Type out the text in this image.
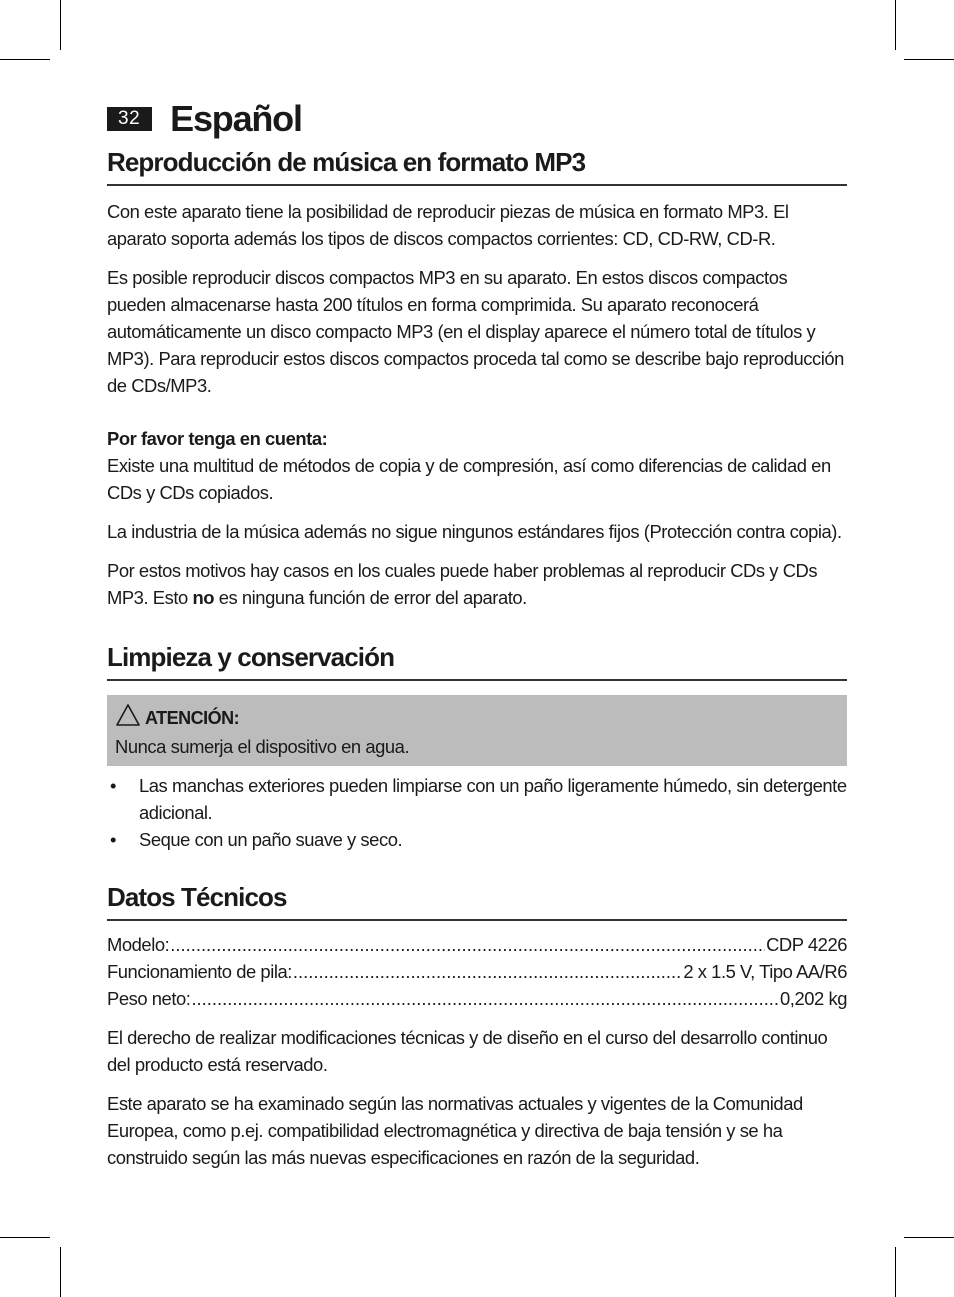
32 Español
Reproducción de música en formato MP3

Con este aparato tiene la posibilidad de reproducir piezas de música en formato MP3. El aparato soporta además los tipos de discos compactos corrientes: CD, CD-RW, CD-R.

Es posible reproducir discos compactos MP3 en su aparato. En estos discos compactos pueden almacenarse hasta 200 títulos en forma comprimida. Su aparato reconocerá automáticamente un disco compacto MP3 (en el display aparece el número total de títulos y MP3). Para reproducir estos discos compactos proceda tal como se describe bajo reproducción de CDs/MP3.

Por favor tenga en cuenta:

Existe una multitud de métodos de copia y de compresión, así como diferencias de calidad en CDs y CDs copiados.

La industria de la música además no sigue ningunos estándares fijos (Protección contra copia).

Por estos motivos hay casos en los cuales puede haber problemas al reproducir CDs y CDs MP3. Esto no es ninguna función de error del aparato.

Limpieza y conservación
ATENCIÓN:
Nunca sumerja el dispositivo en agua.
• Las manchas exteriores pueden limpiarse con un paño ligeramente húmedo, sin detergente adicional.
• Seque con un paño suave y seco.
Datos Técnicos
Modelo: .....	CDP 4226
Funcionamiento de pila: .....	2 x 1.5 V, Tipo AA/R6
Peso neto: .....	0,202 kg

El derecho de realizar modificaciones técnicas y de diseño en el curso del desarrollo continuo del producto está reservado.

Este aparato se ha examinado según las normativas actuales y vigentes de la Comunidad Europea, como p.ej. compatibilidad electromagnética y directiva de baja tensión y se ha construido según las más nuevas especificaciones en razón de la seguridad.
